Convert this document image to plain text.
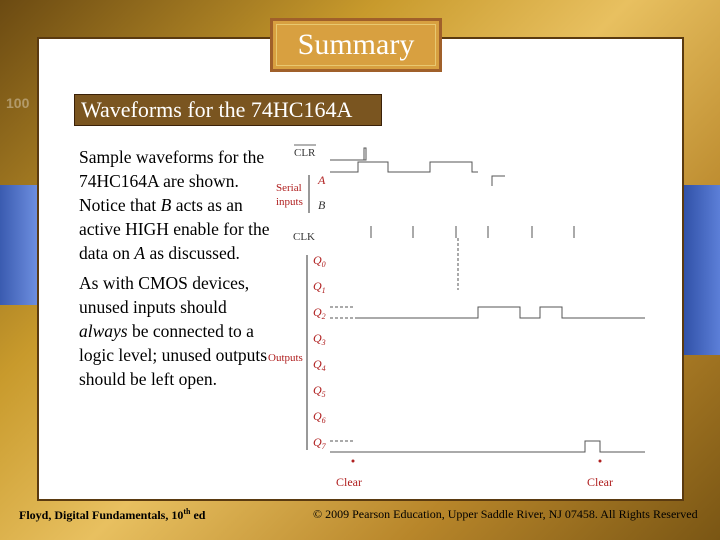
100
Summary
Waveforms for the 74HC164A

Sample waveforms for the 74HC164A are shown. Notice that B acts as an active HIGH enable for the data on A as discussed.

As with CMOS devices, unused inputs should always be connected to a logic level; unused outputs should be left open.

CLR
Serial
inputs
A
B
CLK
Outputs
$Q_0$
$Q_1$
$Q_2$
$Q_3$
$Q_4$
$Q_5$
$Q_6$
$Q_7$
Clear	Clear
Floyd, Digital Fundamentals, 10th ed	© 2009 Pearson Education, Upper Saddle River, NJ 07458. All Rights Reserved
